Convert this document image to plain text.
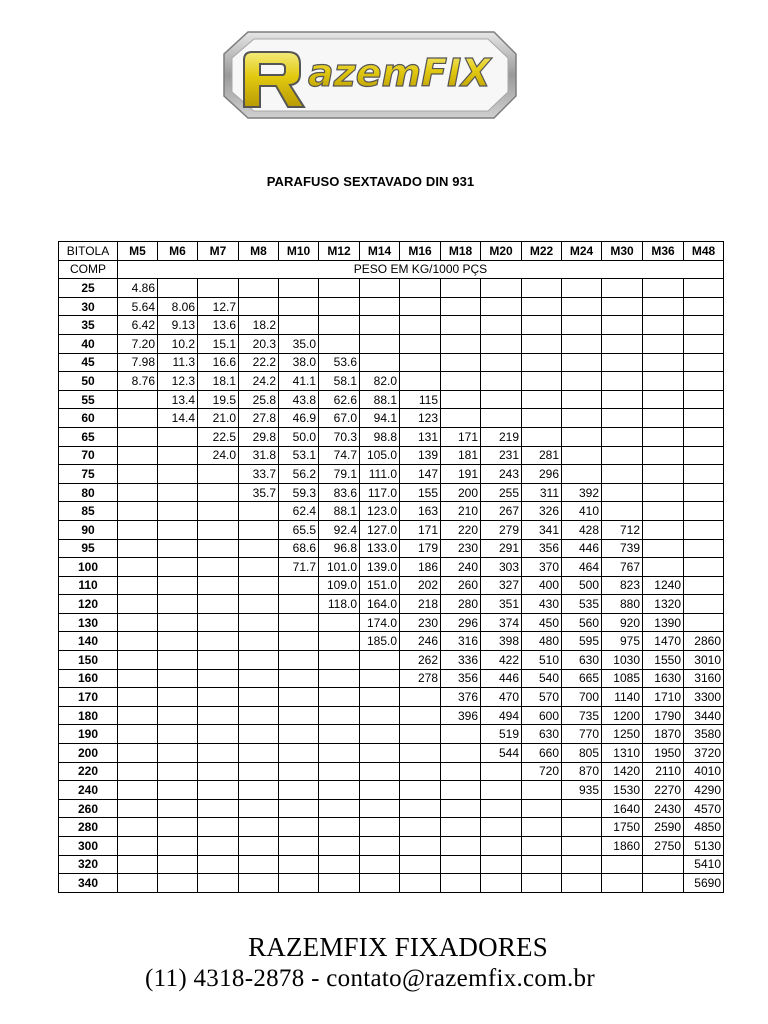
azemFIX
PARAFUSO SEXTAVADO DIN 931
BITOLA	M5	M6	M7	M8	M10	M12	M14	M16	M18	M20	M22	M24	M30	M36	M48
COMP	PESO EM KG/1000 PÇS														
25	4.86														
30	5.64	8.06	12.7												
35	6.42	9.13	13.6	18.2											
40	7.20	10.2	15.1	20.3	35.0										
45	7.98	11.3	16.6	22.2	38.0	53.6									
50	8.76	12.3	18.1	24.2	41.1	58.1	82.0								
55		13.4	19.5	25.8	43.8	62.6	88.1	115							
60		14.4	21.0	27.8	46.9	67.0	94.1	123							
65			22.5	29.8	50.0	70.3	98.8	131	171	219					
70			24.0	31.8	53.1	74.7	105.0	139	181	231	281				
75				33.7	56.2	79.1	111.0	147	191	243	296				
80				35.7	59.3	83.6	117.0	155	200	255	311	392			
85					62.4	88.1	123.0	163	210	267	326	410			
90					65.5	92.4	127.0	171	220	279	341	428	712		
95					68.6	96.8	133.0	179	230	291	356	446	739		
100					71.7	101.0	139.0	186	240	303	370	464	767		
110						109.0	151.0	202	260	327	400	500	823	1240	
120						118.0	164.0	218	280	351	430	535	880	1320	
130							174.0	230	296	374	450	560	920	1390	
140							185.0	246	316	398	480	595	975	1470	2860
150								262	336	422	510	630	1030	1550	3010
160								278	356	446	540	665	1085	1630	3160
170									376	470	570	700	1140	1710	3300
180									396	494	600	735	1200	1790	3440
190										519	630	770	1250	1870	3580
200										544	660	805	1310	1950	3720
220											720	870	1420	2110	4010
240												935	1530	2270	4290
260													1640	2430	4570
280													1750	2590	4850
300													1860	2750	5130
320															5410
340															5690
RAZEMFIX FIXADORES
(11) 4318-2878 - contato@razemfix.com.br
